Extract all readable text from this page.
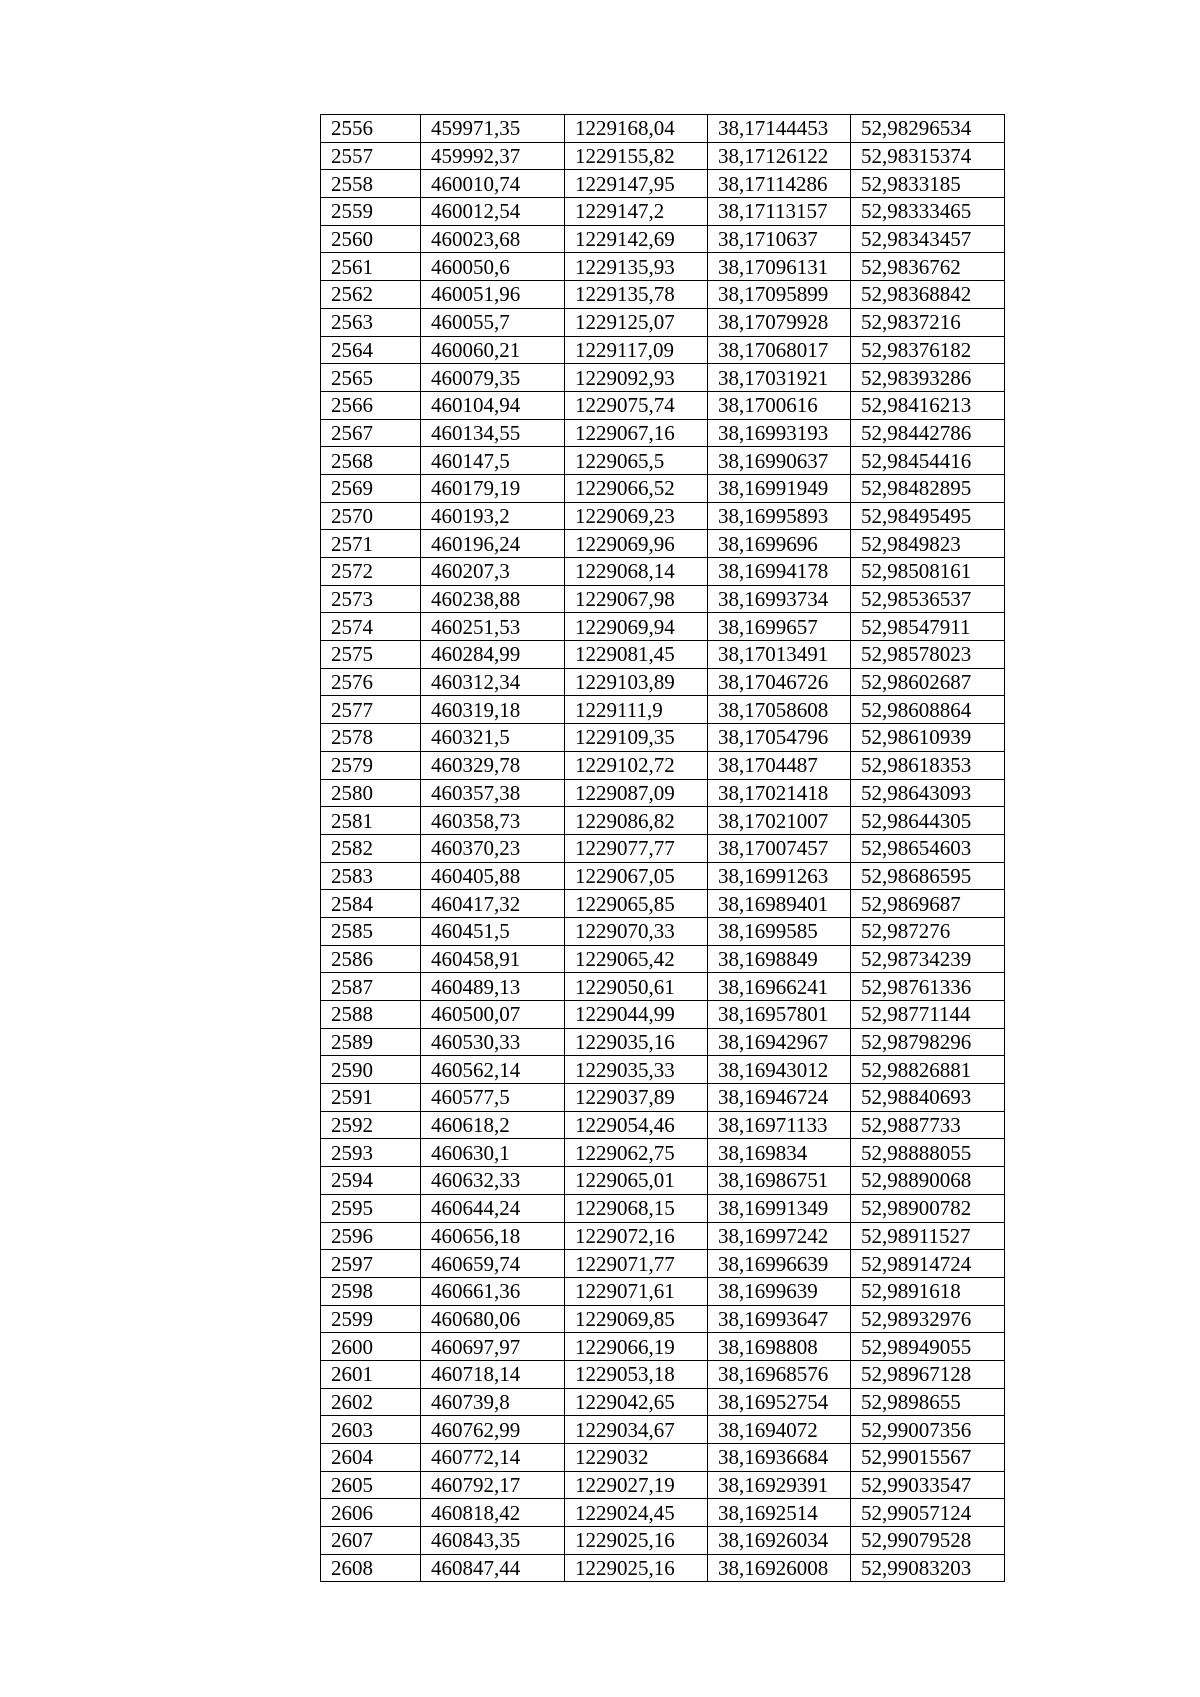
2556	459971,35	1229168,04	38,17144453	52,98296534
2557	459992,37	1229155,82	38,17126122	52,98315374
2558	460010,74	1229147,95	38,17114286	52,9833185
2559	460012,54	1229147,2	38,17113157	52,98333465
2560	460023,68	1229142,69	38,1710637	52,98343457
2561	460050,6	1229135,93	38,17096131	52,9836762
2562	460051,96	1229135,78	38,17095899	52,98368842
2563	460055,7	1229125,07	38,17079928	52,9837216
2564	460060,21	1229117,09	38,17068017	52,98376182
2565	460079,35	1229092,93	38,17031921	52,98393286
2566	460104,94	1229075,74	38,1700616	52,98416213
2567	460134,55	1229067,16	38,16993193	52,98442786
2568	460147,5	1229065,5	38,16990637	52,98454416
2569	460179,19	1229066,52	38,16991949	52,98482895
2570	460193,2	1229069,23	38,16995893	52,98495495
2571	460196,24	1229069,96	38,1699696	52,9849823
2572	460207,3	1229068,14	38,16994178	52,98508161
2573	460238,88	1229067,98	38,16993734	52,98536537
2574	460251,53	1229069,94	38,1699657	52,98547911
2575	460284,99	1229081,45	38,17013491	52,98578023
2576	460312,34	1229103,89	38,17046726	52,98602687
2577	460319,18	1229111,9	38,17058608	52,98608864
2578	460321,5	1229109,35	38,17054796	52,98610939
2579	460329,78	1229102,72	38,1704487	52,98618353
2580	460357,38	1229087,09	38,17021418	52,98643093
2581	460358,73	1229086,82	38,17021007	52,98644305
2582	460370,23	1229077,77	38,17007457	52,98654603
2583	460405,88	1229067,05	38,16991263	52,98686595
2584	460417,32	1229065,85	38,16989401	52,9869687
2585	460451,5	1229070,33	38,1699585	52,987276
2586	460458,91	1229065,42	38,1698849	52,98734239
2587	460489,13	1229050,61	38,16966241	52,98761336
2588	460500,07	1229044,99	38,16957801	52,98771144
2589	460530,33	1229035,16	38,16942967	52,98798296
2590	460562,14	1229035,33	38,16943012	52,98826881
2591	460577,5	1229037,89	38,16946724	52,98840693
2592	460618,2	1229054,46	38,16971133	52,9887733
2593	460630,1	1229062,75	38,169834	52,98888055
2594	460632,33	1229065,01	38,16986751	52,98890068
2595	460644,24	1229068,15	38,16991349	52,98900782
2596	460656,18	1229072,16	38,16997242	52,98911527
2597	460659,74	1229071,77	38,16996639	52,98914724
2598	460661,36	1229071,61	38,1699639	52,9891618
2599	460680,06	1229069,85	38,16993647	52,98932976
2600	460697,97	1229066,19	38,1698808	52,98949055
2601	460718,14	1229053,18	38,16968576	52,98967128
2602	460739,8	1229042,65	38,16952754	52,9898655
2603	460762,99	1229034,67	38,1694072	52,99007356
2604	460772,14	1229032	38,16936684	52,99015567
2605	460792,17	1229027,19	38,16929391	52,99033547
2606	460818,42	1229024,45	38,1692514	52,99057124
2607	460843,35	1229025,16	38,16926034	52,99079528
2608	460847,44	1229025,16	38,16926008	52,99083203
